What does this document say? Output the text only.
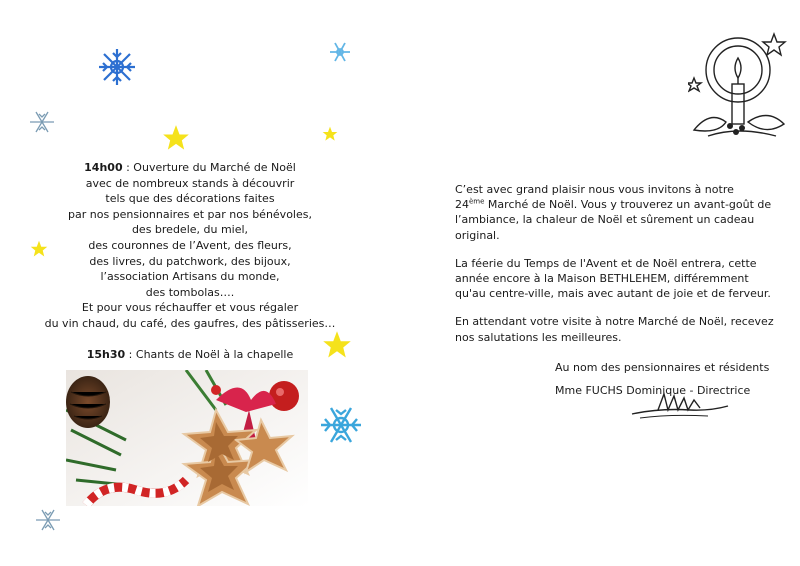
14h00 : Ouverture du Marché de Noël

avec de nombreux stands à découvrir

tels que des décorations faites

par nos pensionnaires et par nos bénévoles,

des bredele, du miel,

des couronnes de l’Avent, des fleurs,

des livres, du patchwork, des bijoux,

l’association Artisans du monde,

des tombolas….

Et pour vous réchauffer et vous régaler

du vin chaud, du café, des gaufres, des pâtisseries…

15h30 : Chants de Noël à la chapelle

C’est avec grand plaisir nous vous invitons à notre
24ème Marché de Noël. Vous y trouverez un avant-goût de l’ambiance, la chaleur de Noël et sûrement un cadeau original.

La féerie du Temps de l'Avent et de Noël entrera, cette année encore à la Maison BETHLEHEM, différemment qu'au centre-ville, mais avec autant de joie et de ferveur.

En attendant votre visite à notre Marché de Noël, recevez nos salutations les meilleures.

Au nom des pensionnaires et résidents
Mme FUCHS Dominique - Directrice
